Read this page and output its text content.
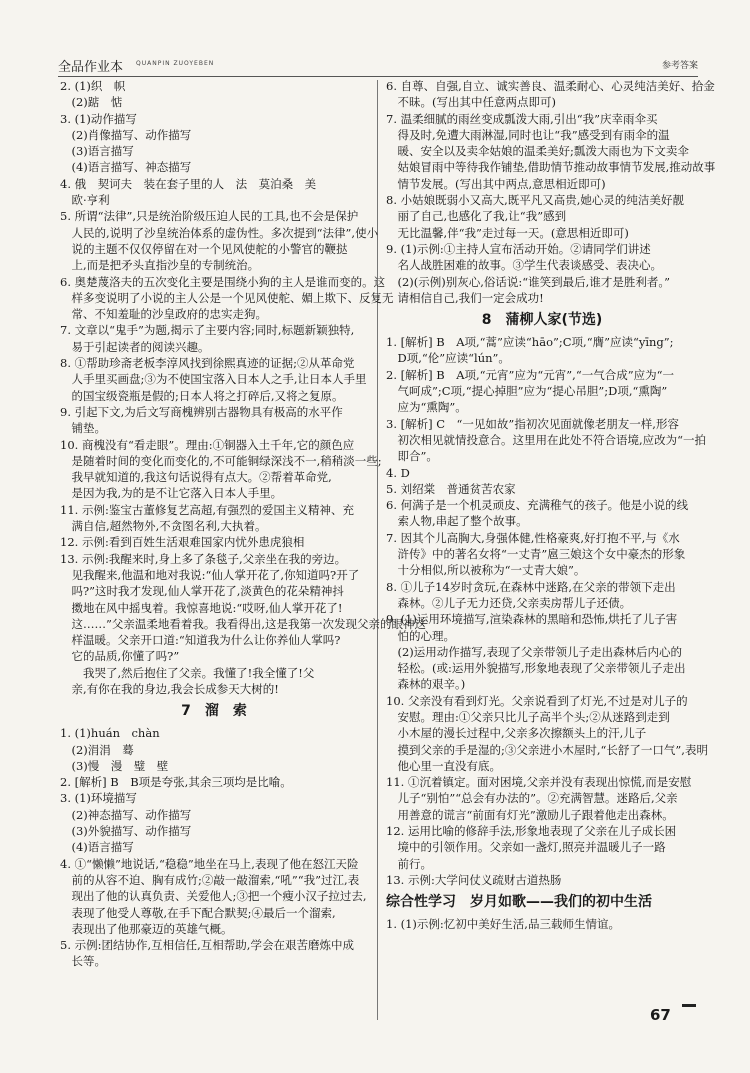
全品作业本 QUANPIN ZUOYEBEN	参考答案
2. (1)织　帜
　(2)踮　惦
3. (1)动作描写
　(2)肖像描写、动作描写
　(3)语言描写
　(4)语言描写、神态描写
4. 俄　契诃夫　装在套子里的人　法　莫泊桑　美
　欧·亨利
5. 所谓“法律”,只是统治阶级压迫人民的工具,也不会是保护
　人民的,说明了沙皇统治体系的虚伪性。多次提到“法律”,使小
　说的主题不仅仅停留在对一个见风使舵的小警官的鞭挞
　上,而是把矛头直指沙皇的专制统治。
6. 奥楚蔑洛夫的五次变化主要是围绕小狗的主人是谁而变的。这
　样多变说明了小说的主人公是一个见风使舵、媚上欺下、反复无
　常、不知羞耻的沙皇政府的忠实走狗。
7. 文章以“鬼手”为题,揭示了主要内容;同时,标题新颖独特,
　易于引起读者的阅读兴趣。
8. ①帮助珍斋老板李淳风找到徐熙真迹的证据;②从革命党
　人手里买画盘;③为不使国宝落入日本人之手,让日本人手里
　的国宝级瓷瓶是假的;日本人将之打碎后,又将之复原。
9. 引起下文,为后文写商槐辨别古器物具有极高的水平作
　铺垫。
10. 商槐没有“看走眼”。理由:①铜器入土千年,它的颜色应
　是随着时间的变化而变化的,不可能铜绿深浅不一,稍稍淡一些;
　我早就知道的,我这句话说得有点大。②帮着革命党,
　是因为我,为的是不让它落入日本人手里。
11. 示例:鉴宝古董修复艺高超,有强烈的爱国主义精神、充
　满自信,超然物外,不贪图名利,大执着。
12. 示例:看到百姓生活艰难国家内忧外患虎狼相
13. 示例:我醒来时,身上多了条毯子,父亲坐在我的旁边。
　见我醒来,他温和地对我说:“仙人掌开花了,你知道吗?开了
　吗?”这时我才发现,仙人掌开花了,淡黄色的花朵精神抖
　擞地在风中摇曳着。我惊喜地说:“哎呀,仙人掌开花了!
　这……”父亲温柔地看着我。我看得出,这是我第一次发现父亲的眼神这
　样温暖。父亲开口道:“知道我为什么让你养仙人掌吗?
　它的品质,你懂了吗?”
　　我哭了,然后抱住了父亲。我懂了!我全懂了!父
　亲,有你在我的身边,我会长成参天大树的!
7　溜　索
1. (1)huán　chàn
　(2)涓涓　蓦
　(3)慢　漫　璧　壁
2. [解析] B　B项是夸张,其余三项均是比喻。
3. (1)环境描写
　(2)神态描写、动作描写
　(3)外貌描写、动作描写
　(4)语言描写
4. ①“懒懒”地说话,“稳稳”地坐在马上,表现了他在怒江天险
　前的从容不迫、胸有成竹;②敲一敲溜索,“吼”“我”过江,表
　现出了他的认真负责、关爱他人;③把一个瘦小汉子拉过去,
　表现了他受人尊敬,在手下配合默契;④最后一个溜索,
　表现出了他那豪迈的英雄气概。
5. 示例:团结协作,互相信任,互相帮助,学会在艰苦磨炼中成
　长等。
6. 自尊、自强,自立、诚实善良、温柔耐心、心灵纯洁美好、拾金
　不昧。(写出其中任意两点即可)
7. 温柔细腻的雨丝变成瓢泼大雨,引出“我”庆幸雨伞买
　得及时,免遭大雨淋湿,同时也让“我”感受到有雨伞的温
　暖、安全以及卖伞姑娘的温柔美好;瓢泼大雨也为下文卖伞
　姑娘冒雨中等待我作铺垫,借助情节推动故事情节发展,推动故事
　情节发展。(写出其中两点,意思相近即可)
8. 小姑娘既弱小又高大,既平凡又高贵,她心灵的纯洁美好靓
　丽了自己,也感化了我,让“我”感到
　无比温馨,伴“我”走过每一天。(意思相近即可)
9. (1)示例:①主持人宣布活动开始。②请同学们讲述
　名人战胜困难的故事。③学生代表谈感受、表决心。
　(2)(示例)别灰心,俗话说:“谁笑到最后,谁才是胜利者。”
　请相信自己,我们一定会成功!
8　蒲柳人家(节选)
1. [解析] B　A项,“蒿”应读“hāo”;C项,“膺”应读“yīng”;
　D项,“伦”应读“lún”。
2. [解析] B　A项,“元宵”应为“元宵”,“一气合成”应为“一
　气呵成”;C项,“提心掉胆”应为“提心吊胆”;D项,“熏陶”
　应为“熏陶”。
3. [解析] C　“一见如故”指初次见面就像老朋友一样,形容
　初次相见就情投意合。这里用在此处不符合语境,应改为“一拍
　即合”。
4. D
5. 刘绍棠　普通贫苦农家
6. 何满子是一个机灵顽皮、充满稚气的孩子。他是小说的线
　索人物,串起了整个故事。
7. 因其个儿高胸大,身强体健,性格豪爽,好打抱不平,与《水
　浒传》中的著名女将“一丈青”扈三娘这个女中豪杰的形象
　十分相似,所以被称为“一丈青大娘”。
8. ①儿子14岁时贪玩,在森林中迷路,在父亲的带领下走出
　森林。②儿子无力还贷,父亲卖房帮儿子还债。
9. (1)运用环境描写,渲染森林的黑暗和恐怖,烘托了儿子害
　怕的心理。
　(2)运用动作描写,表现了父亲带领儿子走出森林后内心的
　轻松。(或:运用外貌描写,形象地表现了父亲带领儿子走出
　森林的艰辛。)
10. 父亲没有看到灯光。父亲说看到了灯光,不过是对儿子的
　安慰。理由:①父亲只比儿子高半个头;②从迷路到走到
　小木屋的漫长过程中,父亲多次擦额头上的汗,儿子
　摸到父亲的手是湿的;③父亲进小木屋时,“长舒了一口气”,表明
　他心里一直没有底。
11. ①沉着镇定。面对困境,父亲并没有表现出惊慌,而是安慰
　儿子“别怕”“总会有办法的”。②充满智慧。迷路后,父亲
　用善意的谎言“前面有灯光”激励儿子跟着他走出森林。
12. 运用比喻的修辞手法,形象地表现了父亲在儿子成长困
　境中的引领作用。父亲如一盏灯,照亮并温暖儿子一路
　前行。
13. 示例:大学问仗义疏财古道热肠
综合性学习　岁月如歌——我们的初中生活
1. (1)示例:忆初中美好生活,品三载师生情谊。
67
